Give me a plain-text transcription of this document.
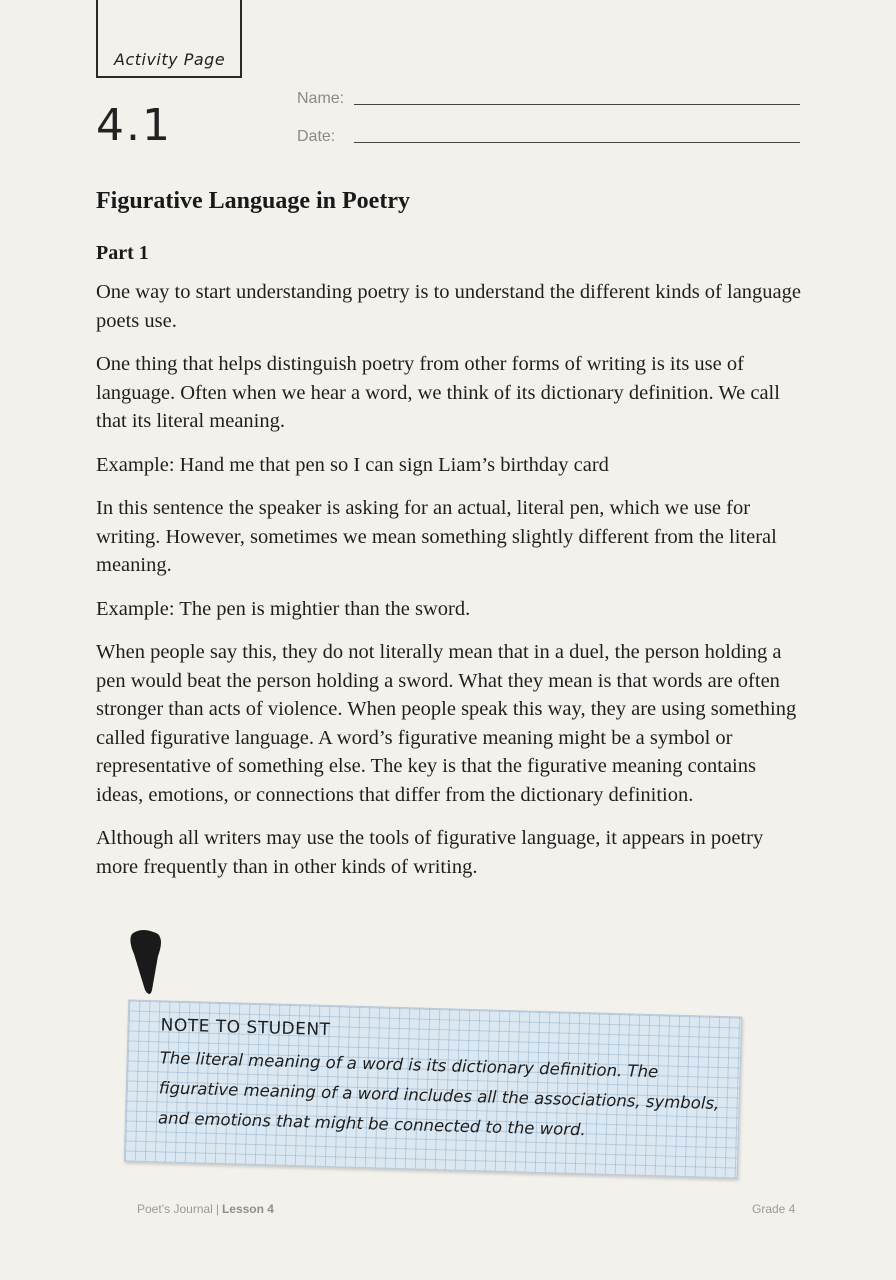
Activity Page
4.1
Name:
Date:
Figurative Language in Poetry
Part 1

One way to start understanding poetry is to understand the different kinds of language poets use.

One thing that helps distinguish poetry from other forms of writing is its use of language. Often when we hear a word, we think of its dictionary definition. We call that its literal meaning.

Example: Hand me that pen so I can sign Liam’s birthday card

In this sentence the speaker is asking for an actual, literal pen, which we use for writing. However, sometimes we mean something slightly different from the literal meaning.

Example: The pen is mightier than the sword.

When people say this, they do not literally mean that in a duel, the person holding a pen would beat the person holding a sword. What they mean is that words are often stronger than acts of violence. When people speak this way, they are using something called figurative language. A word’s figurative meaning might be a symbol or representative of something else. The key is that the figurative meaning contains ideas, emotions, or connections that differ from the dictionary definition.

Although all writers may use the tools of figurative language, it appears in poetry more frequently than in other kinds of writing.

NOTE TO STUDENT
The literal meaning of a word is its dictionary definition. The figurative meaning of a word includes all the associations, symbols, and emotions that might be connected to the word.
Poet’s Journal | Lesson 4	Grade 4
